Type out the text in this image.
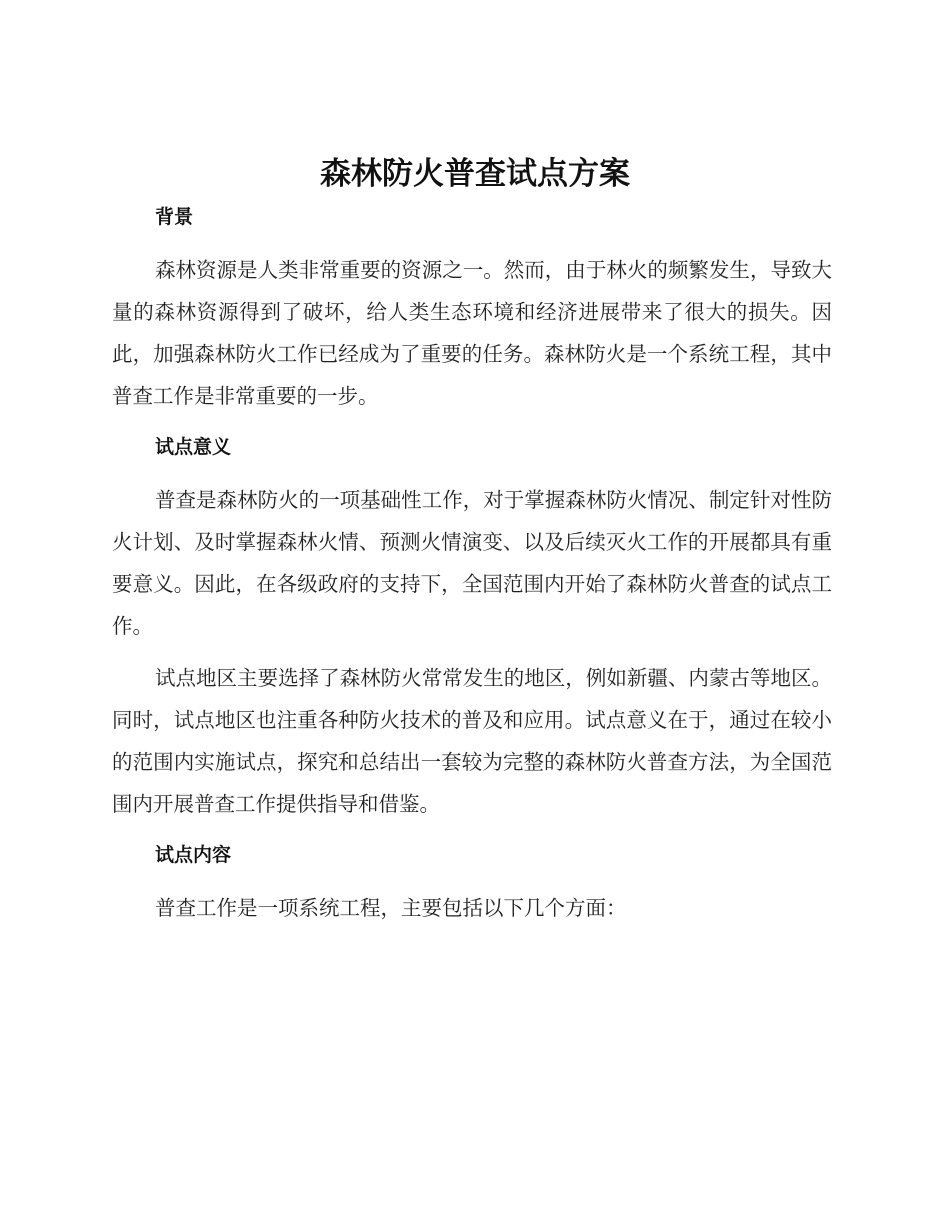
森林防火普查试点方案
背景

森林资源是人类非常重要的资源之一。然而，由于林火的频繁发生，导致大量的森林资源得到了破坏，给人类生态环境和经济进展带来了很大的损失。因此，加强森林防火工作已经成为了重要的任务。森林防火是一个系统工程，其中普查工作是非常重要的一步。

试点意义

普查是森林防火的一项基础性工作，对于掌握森林防火情况、制定针对性防火计划、及时掌握森林火情、预测火情演变、以及后续灭火工作的开展都具有重要意义。因此，在各级政府的支持下，全国范围内开始了森林防火普查的试点工作。

试点地区主要选择了森林防火常常发生的地区，例如新疆、内蒙古等地区。同时，试点地区也注重各种防火技术的普及和应用。试点意义在于，通过在较小的范围内实施试点，探究和总结出一套较为完整的森林防火普查方法，为全国范围内开展普查工作提供指导和借鉴。

试点内容

普查工作是一项系统工程，主要包括以下几个方面：
